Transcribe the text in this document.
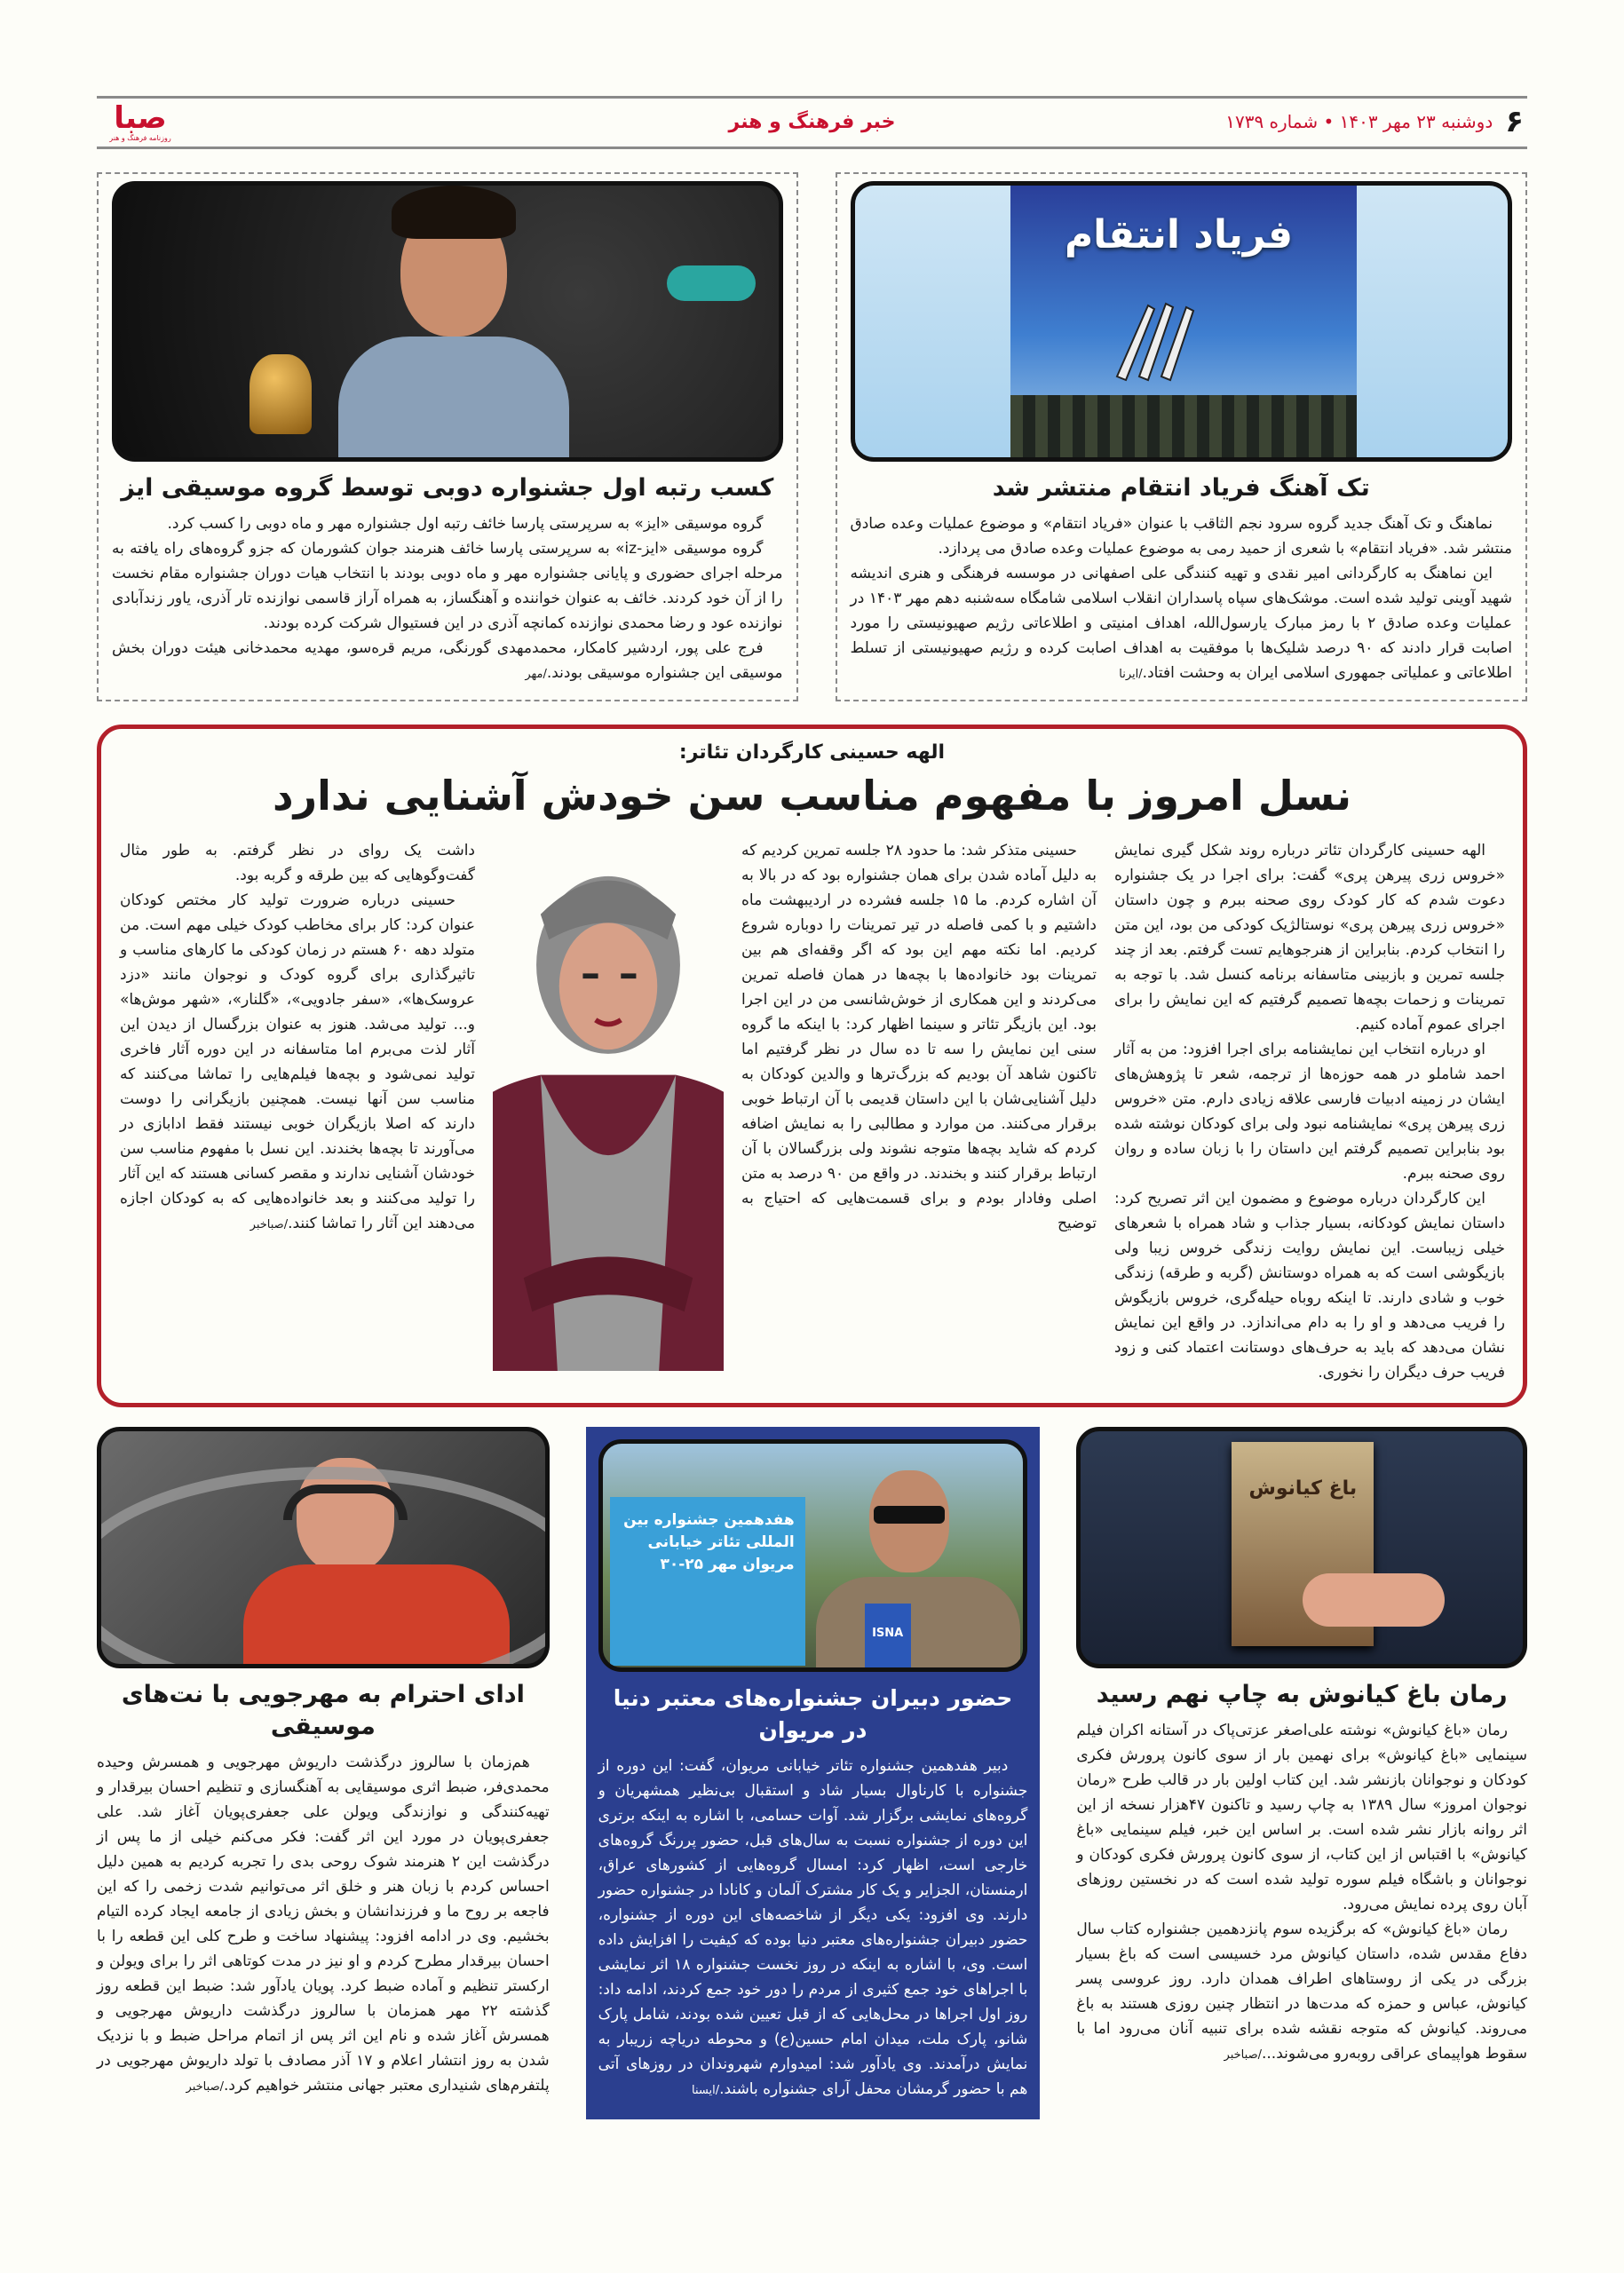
صبا
روزنامه فرهنگ و هنر
خبر فرهنگ و هنر	۶
دوشنبه ۲۳ مهر ۱۴۰۳ • شماره ۱۷۳۹
فریاد انتقام
تک آهنگ فریاد انتقام منتشر شد

نماهنگ و تک آهنگ جدید گروه سرود نجم الثاقب با عنوان «فریاد انتقام» و موضوع عملیات وعده صادق منتشر شد. «فریاد انتقام» با شعری از حمید رمی به موضوع عملیات وعده صادق می پردازد.

این نماهنگ به کارگردانی امیر نقدی و تهیه کنندگی علی اصفهانی در موسسه فرهنگی و هنری اندیشه شهید آوینی تولید شده است. موشک‌های سپاه پاسداران انقلاب اسلامی شامگاه سه‌شنبه دهم مهر ۱۴۰۳ در عملیات وعده صادق ۲ با رمز مبارک یارسول‌الله، اهداف امنیتی و اطلاعاتی رژیم صهیونیستی را مورد اصابت قرار دادند که ۹۰ درصد شلیک‌ها با موفقیت به اهداف اصابت کرده و رژیم صهیونیستی از تسلط اطلاعاتی و عملیاتی جمهوری اسلامی ایران به وحشت افتاد./ایرنا

کسب رتبه اول جشنواره دوبی توسط گروه موسیقی ایز

گروه موسیقی «ایز» به سرپرستی پارسا خائف رتبه اول جشنواره مهر و ماه دوبی را کسب کرد.

گروه موسیقی «ایز-iz» به سرپرستی پارسا خائف هنرمند جوان کشورمان که جزو گروه‌های راه یافته به مرحله اجرای حضوری و پایانی جشنواره مهر و ماه دوبی بودند با انتخاب هیات دوران جشنواره مقام نخست را از آن خود کردند. خائف به عنوان خواننده و آهنگساز، به همراه آراز قاسمی نوازنده تار آذری، یاور زندآبادی نوازنده عود و رضا محمدی نوازنده کمانچه آذری در این فستیوال شرکت کرده بودند.

فرج علی پور، اردشیر کامکار، محمدمهدی گورنگی، مریم قره‌سو، مهدیه محمدخانی هیئت دوران بخش موسیقی این جشنواره موسیقی بودند./مهر

الهه حسینی کارگردان تئاتر:
نسل امروز با مفهوم مناسب سن خودش آشنایی ندارد

الهه حسینی کارگردان تئاتر درباره روند شکل گیری نمایش «خروس زری پیرهن پری» گفت: برای اجرا در یک جشنواره دعوت شدم که کار کودک روی صحنه ببرم و چون داستان «خروس زری پیرهن پری» نوستالژیک کودکی من بود، این متن را انتخاب کردم. بنابراین از هنرجوهایم تست گرفتم. بعد از چند جلسه تمرین و بازبینی متاسفانه برنامه کنسل شد. با توجه به تمرینات و زحمات بچه‌ها تصمیم گرفتیم که این نمایش را برای اجرای عموم آماده کنیم.

او درباره انتخاب این نمایشنامه برای اجرا افزود: من به آثار احمد شاملو در همه حوزه‌ها از ترجمه، شعر تا پژوهش‌های ایشان در زمینه ادبیات فارسی علاقه زیادی دارم. متن «خروس زری پیرهن پری» نمایشنامه نبود ولی برای کودکان نوشته شده بود بنابراین تصمیم گرفتم این داستان را با زبان ساده و روان روی صحنه ببرم.

این کارگردان درباره موضوع و مضمون این اثر تصریح کرد: داستان نمایش کودکانه، بسیار جذاب و شاد همراه با شعرهای خیلی زیباست. این نمایش روایت زندگی خروس زیبا ولی بازیگوشی است که به همراه دوستانش (گربه و طرقه) زندگی خوب و شادی دارند. تا اینکه روباه حیله‌گری، خروس بازیگوش را فریب می‌دهد و او را به دام می‌اندازد. در واقع این نمایش نشان می‌دهد که باید به حرف‌های دوستانت اعتماد کنی و زود فریب حرف دیگران را نخوری.

حسینی متذکر شد: ما حدود ۲۸ جلسه تمرین کردیم که به دلیل آماده شدن برای همان جشنواره بود که در بالا به آن اشاره کردم. ما ۱۵ جلسه فشرده در اردیبهشت ماه داشتیم و با کمی فاصله در تیر تمرینات را دوباره شروع کردیم. اما نکته مهم این بود که اگر وقفه‌ای هم بین تمرینات بود خانواده‌ها با بچه‌ها در همان فاصله تمرین می‌کردند و این همکاری از خوش‌شانسی من در این اجرا بود. این بازیگر تئاتر و سینما اظهار کرد: با اینکه ما گروه سنی این نمایش را سه تا ده سال در نظر گرفتیم اما تاکنون شاهد آن بودیم که بزرگ‌ترها و والدین کودکان به دلیل آشنایی‌شان با این داستان قدیمی با آن ارتباط خوبی برقرار می‌کنند. من موارد و مطالبی را به نمایش اضافه کردم که شاید بچه‌ها متوجه نشوند ولی بزرگسالان با آن ارتباط برقرار کنند و بخندند. در واقع من ۹۰ درصد به متن اصلی وفادار بودم و برای قسمت‌هایی که احتیاج به توضیح

داشت یک روای در نظر گرفتم. به طور مثال گفت‌وگوهایی که بین طرقه و گربه بود.

حسینی درباره ضرورت تولید کار مختص کودکان عنوان کرد: کار برای مخاطب کودک خیلی مهم است. من متولد دهه ۶۰ هستم در زمان کودکی ما کارهای مناسب و تاثیرگذاری برای گروه کودک و نوجوان مانند «دزد عروسک‌ها»، «سفر جادویی»، «گلنار»، «شهر موش‌ها» و... تولید می‌شد. هنوز به عنوان بزرگسال از دیدن این آثار لذت می‌برم اما متاسفانه در این دوره آثار فاخری تولید نمی‌شود و بچه‌ها فیلم‌هایی را تماشا می‌کنند که مناسب سن آنها نیست. همچنین بازیگرانی را دوست دارند که اصلا بازیگران خوبی نیستند فقط ادابازی در می‌آورند تا بچه‌ها بخندند. این نسل با مفهوم مناسب سن خودشان آشنایی ندارند و مقصر کسانی هستند که این آثار را تولید می‌کنند و بعد خانواده‌هایی که به کودکان اجازه می‌دهند این آثار را تماشا کنند./صباخبر

باغ کیانوش
رمان باغ کیانوش به چاپ نهم رسید

رمان «باغ کیانوش» نوشته علی‌اصغر عزتی‌پاک در آستانه اکران فیلم سینمایی «باغ کیانوش» برای نهمین بار از سوی کانون پرورش فکری کودکان و نوجوانان بازنشر شد. این کتاب اولین بار در قالب طرح «رمان نوجوان امروز» سال ۱۳۸۹ به چاپ رسید و تاکنون ۴۷هزار نسخه از این اثر روانه بازار نشر شده است. بر اساس این خبر، فیلم سینمایی «باغ کیانوش» با اقتباس از این کتاب، از سوی کانون پرورش فکری کودکان و نوجوانان و باشگاه فیلم سوره تولید شده است که در نخستین روزهای آبان روی پرده نمایش می‌رود.

رمان «باغ کیانوش» که برگزیده سوم پانزدهمین جشنواره کتاب سال دفاع مقدس شده، داستان کیانوش مرد خسیسی است که باغ بسیار بزرگی در یکی از روستاهای اطراف همدان دارد. روز عروسی پسر کیانوش، عباس و حمزه که مدت‌ها در انتظار چنین روزی هستند به باغ می‌روند. کیانوش که متوجه نقشه شده برای تنبیه آنان می‌رود اما با سقوط هواپیمای عراقی روبه‌رو می‌شوند.../صباخبر

هفدهمین جشنواره بین المللی تئاتر خیابانی مریوان مهر ۲۵-۳۰
ISNA
حضور دبیران جشنواره‌های معتبر دنیا در مریوان

دبیر هفدهمین جشنواره تئاتر خیابانی مریوان، گفت: این دوره از جشنواره با کارناوال بسیار شاد و استقبال بی‌نظیر همشهریان و گروه‌های نمایشی برگزار شد. آوات حسامی، با اشاره به اینکه برتری این دوره از جشنواره نسبت به سال‌های قبل، حضور پررنگ گروه‌های خارجی است، اظهار کرد: امسال گروه‌هایی از کشورهای عراق، ارمنستان، الجزایر و یک کار مشترک آلمان و کانادا در جشنواره حضور دارند. وی افزود: یکی دیگر از شاخصه‌های این دوره از جشنواره، حضور دبیران جشنواره‌های معتبر دنیا بوده که کیفیت را افزایش داده است. وی، با اشاره به اینکه در روز نخست جشنواره ۱۸ اثر نمایشی با اجراهای خود جمع کثیری از مردم را دور خود جمع کردند، ادامه داد: روز اول اجراها در محل‌هایی که از قبل تعیین شده بودند، شامل پارک شانو، پارک ملت، میدان امام حسین(ع) و محوطه دریاچه زریبار به نمایش درآمدند. وی یادآور شد: امیدوارم شهروندان در روزهای آتی هم با حضور گرمشان محفل آرای جشنواره باشند./ایسنا

ادای احترام به مهرجویی با نت‌های موسیقی

هم‌زمان با سالروز درگذشت داریوش مهرجویی و همسرش وحیده محمدی‌فر، ضبط اثری موسیقایی به آهنگسازی و تنظیم احسان بیرقدار و تهیه‌کنندگی و نوازندگی ویولن علی جعفری‌پویان آغاز شد. علی جعفری‌پویان در مورد این اثر گفت: فکر می‌کنم خیلی از ما پس از درگذشت این ۲ هنرمند شوک روحی بدی را تجربه کردیم به همین دلیل احساس کردم با زبان هنر و خلق اثر می‌توانیم شدت زخمی را که این فاجعه بر روح ما و فرزندانشان و بخش زیادی از جامعه ایجاد کرده التیام بخشیم. وی در ادامه افزود: پیشنهاد ساخت و طرح کلی این قطعه را با احسان بیرقدار مطرح کردم و او نیز در مدت کوتاهی اثر را برای ویولن و ارکستر تنظیم و آماده ضبط کرد. پویان یادآور شد: ضبط این قطعه روز گذشته ۲۲ مهر همزمان با سالروز درگذشت داریوش مهرجویی و همسرش آغاز شده و نام این اثر پس از اتمام مراحل ضبط و با نزدیک شدن به روز انتشار اعلام و ۱۷ آذر مصادف با تولد داریوش مهرجویی در پلتفرم‌های شنیداری معتبر جهانی منتشر خواهیم کرد./صباخبر
